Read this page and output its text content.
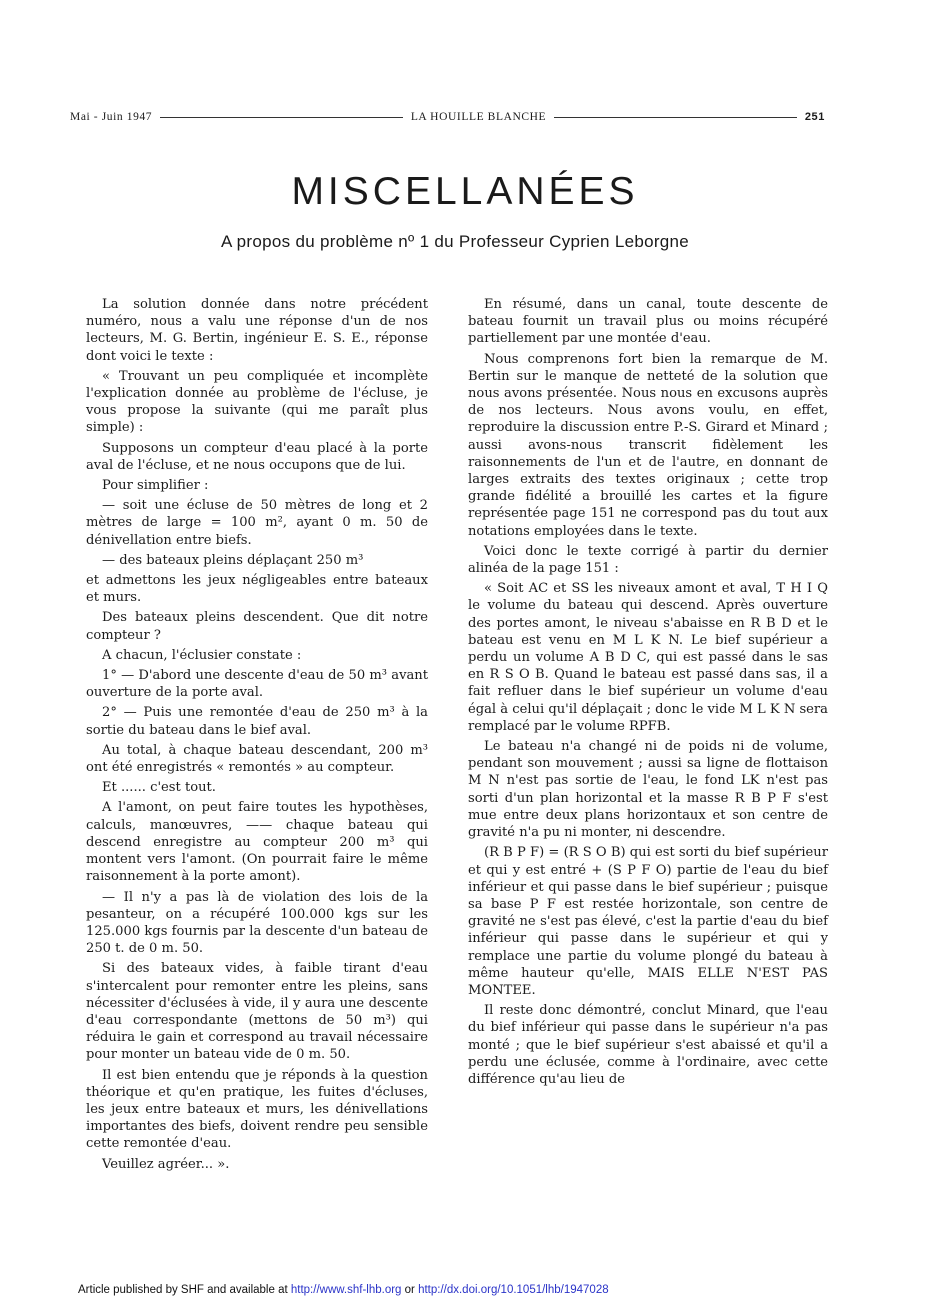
Mai - Juin 1947	LA HOUILLE BLANCHE	251
MISCELLANÉES
A propos du problème nº 1 du Professeur Cyprien Leborgne

La solution donnée dans notre précédent numéro, nous a valu une réponse d'un de nos lecteurs, M. G. Bertin, ingénieur E. S. E., réponse dont voici le texte :

« Trouvant un peu compliquée et incomplète l'explication donnée au problème de l'écluse, je vous propose la suivante (qui me paraît plus simple) :

Supposons un compteur d'eau placé à la porte aval de l'écluse, et ne nous occupons que de lui.

Pour simplifier :

— soit une écluse de 50 mètres de long et 2 mètres de large = 100 m², ayant 0 m. 50 de dénivellation entre biefs.

— des bateaux pleins déplaçant 250 m³

et admettons les jeux négligeables entre bateaux et murs.

Des bateaux pleins descendent. Que dit notre compteur ?

A chacun, l'éclusier constate :

1° — D'abord une descente d'eau de 50 m³ avant ouverture de la porte aval.

2° — Puis une remontée d'eau de 250 m³ à la sortie du bateau dans le bief aval.

Au total, à chaque bateau descendant, 200 m³ ont été enregistrés « remontés » au compteur.

Et ...... c'est tout.

A l'amont, on peut faire toutes les hypothèses, calculs, manœuvres, —— chaque bateau qui descend enregistre au compteur 200 m³ qui montent vers l'amont. (On pourrait faire le même raisonnement à la porte amont).

— Il n'y a pas là de violation des lois de la pesanteur, on a récupéré 100.000 kgs sur les 125.000 kgs fournis par la descente d'un bateau de 250 t. de 0 m. 50.

Si des bateaux vides, à faible tirant d'eau s'intercalent pour remonter entre les pleins, sans nécessiter d'éclusées à vide, il y aura une descente d'eau correspondante (mettons de 50 m³) qui réduira le gain et correspond au travail nécessaire pour monter un bateau vide de 0 m. 50.

Il est bien entendu que je réponds à la question théorique et qu'en pratique, les fuites d'écluses, les jeux entre bateaux et murs, les dénivellations importantes des biefs, doivent rendre peu sensible cette remontée d'eau.

Veuillez agréer... ».

En résumé, dans un canal, toute descente de bateau fournit un travail plus ou moins récupéré partiellement par une montée d'eau.

Nous comprenons fort bien la remarque de M. Bertin sur le manque de netteté de la solution que nous avons présentée. Nous nous en excusons auprès de nos lecteurs. Nous avons voulu, en effet, reproduire la discussion entre P.-S. Girard et Minard ; aussi avons-nous transcrit fidèlement les raisonnements de l'un et de l'autre, en donnant de larges extraits des textes originaux ; cette trop grande fidélité a brouillé les cartes et la figure représentée page 151 ne correspond pas du tout aux notations employées dans le texte.

Voici donc le texte corrigé à partir du dernier alinéa de la page 151 :

« Soit AC et SS les niveaux amont et aval, T H I Q le volume du bateau qui descend. Après ouverture des portes amont, le niveau s'abaisse en R B D et le bateau est venu en M L K N. Le bief supérieur a perdu un volume A B D C, qui est passé dans le sas en R S O B. Quand le bateau est passé dans sas, il a fait refluer dans le bief supérieur un volume d'eau égal à celui qu'il déplaçait ; donc le vide M L K N sera remplacé par le volume RPFB.

Le bateau n'a changé ni de poids ni de volume, pendant son mouvement ; aussi sa ligne de flottaison M N n'est pas sortie de l'eau, le fond LK n'est pas sorti d'un plan horizontal et la masse R B P F s'est mue entre deux plans horizontaux et son centre de gravité n'a pu ni monter, ni descendre.

(R B P F) = (R S O B) qui est sorti du bief supérieur et qui y est entré + (S P F O) partie de l'eau du bief inférieur et qui passe dans le bief supérieur ; puisque sa base P F est restée horizontale, son centre de gravité ne s'est pas élevé, c'est la partie d'eau du bief inférieur qui passe dans le supérieur et qui y remplace une partie du volume plongé du bateau à même hauteur qu'elle, MAIS ELLE N'EST PAS MONTEE.

Il reste donc démontré, conclut Minard, que l'eau du bief inférieur qui passe dans le supérieur n'a pas monté ; que le bief supérieur s'est abaissé et qu'il a perdu une éclusée, comme à l'ordinaire, avec cette différence qu'au lieu de

Article published by SHF and available at http://www.shf-lhb.org or http://dx.doi.org/10.1051/lhb/1947028
